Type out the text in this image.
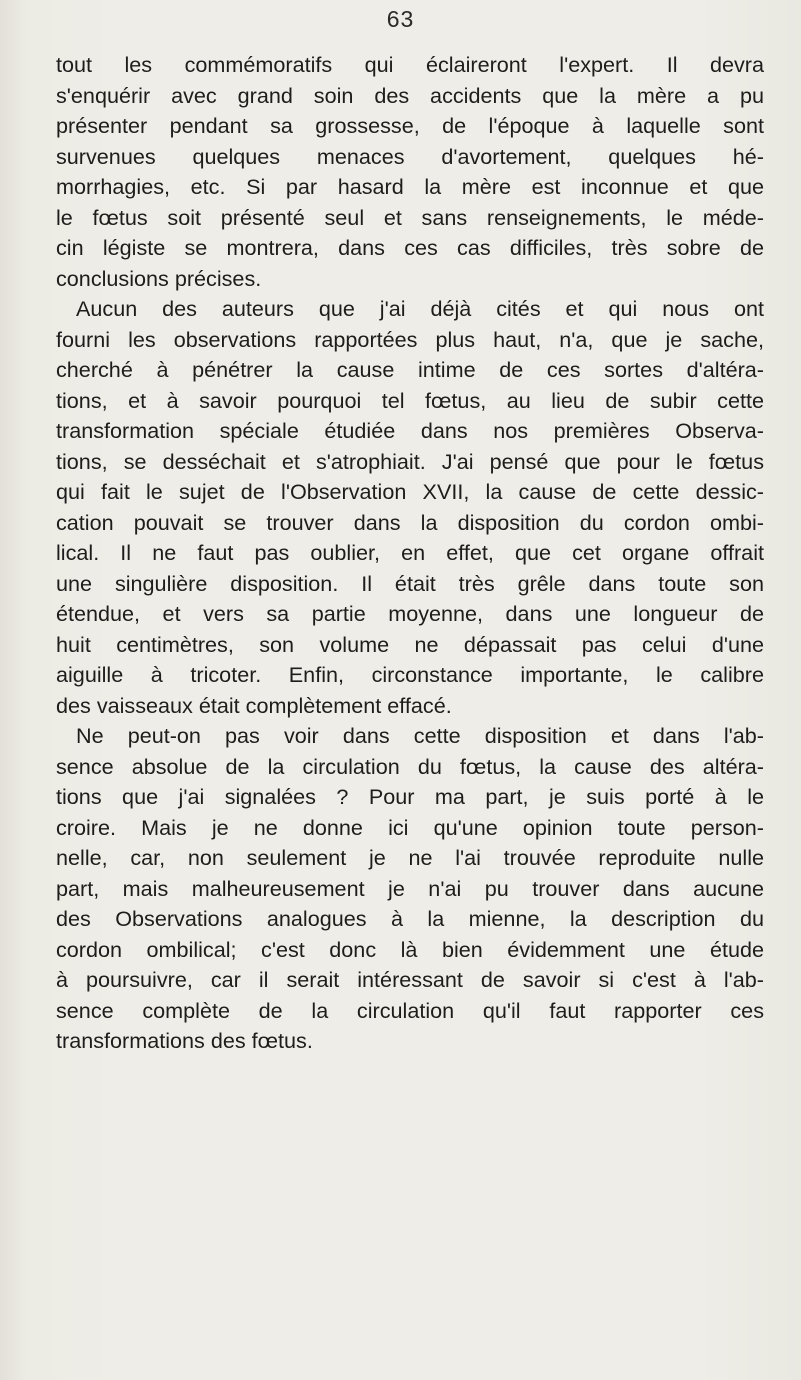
63

tout les commémoratifs qui éclaireront l'expert. Il devra
s'enquérir avec grand soin des accidents que la mère a pu
présenter pendant sa grossesse, de l'époque à laquelle sont
survenues quelques menaces d'avortement, quelques hé-
morrhagies, etc. Si par hasard la mère est inconnue et que
le fœtus soit présenté seul et sans renseignements, le méde-
cin légiste se montrera, dans ces cas difficiles, très sobre de
conclusions précises.

Aucun des auteurs que j'ai déjà cités et qui nous ont
fourni les observations rapportées plus haut, n'a, que je sache,
cherché à pénétrer la cause intime de ces sortes d'altéra-
tions, et à savoir pourquoi tel fœtus, au lieu de subir cette
transformation spéciale étudiée dans nos premières Observa-
tions, se desséchait et s'atrophiait. J'ai pensé que pour le fœtus
qui fait le sujet de l'Observation XVII, la cause de cette dessic-
cation pouvait se trouver dans la disposition du cordon ombi-
lical. Il ne faut pas oublier, en effet, que cet organe offrait
une singulière disposition. Il était très grêle dans toute son
étendue, et vers sa partie moyenne, dans une longueur de
huit centimètres, son volume ne dépassait pas celui d'une
aiguille à tricoter. Enfin, circonstance importante, le calibre
des vaisseaux était complètement effacé.

Ne peut-on pas voir dans cette disposition et dans l'ab-
sence absolue de la circulation du fœtus, la cause des altéra-
tions que j'ai signalées ? Pour ma part, je suis porté à le
croire. Mais je ne donne ici qu'une opinion toute person-
nelle, car, non seulement je ne l'ai trouvée reproduite nulle
part, mais malheureusement je n'ai pu trouver dans aucune
des Observations analogues à la mienne, la description du
cordon ombilical; c'est donc là bien évidemment une étude
à poursuivre, car il serait intéressant de savoir si c'est à l'ab-
sence complète de la circulation qu'il faut rapporter ces
transformations des fœtus.
